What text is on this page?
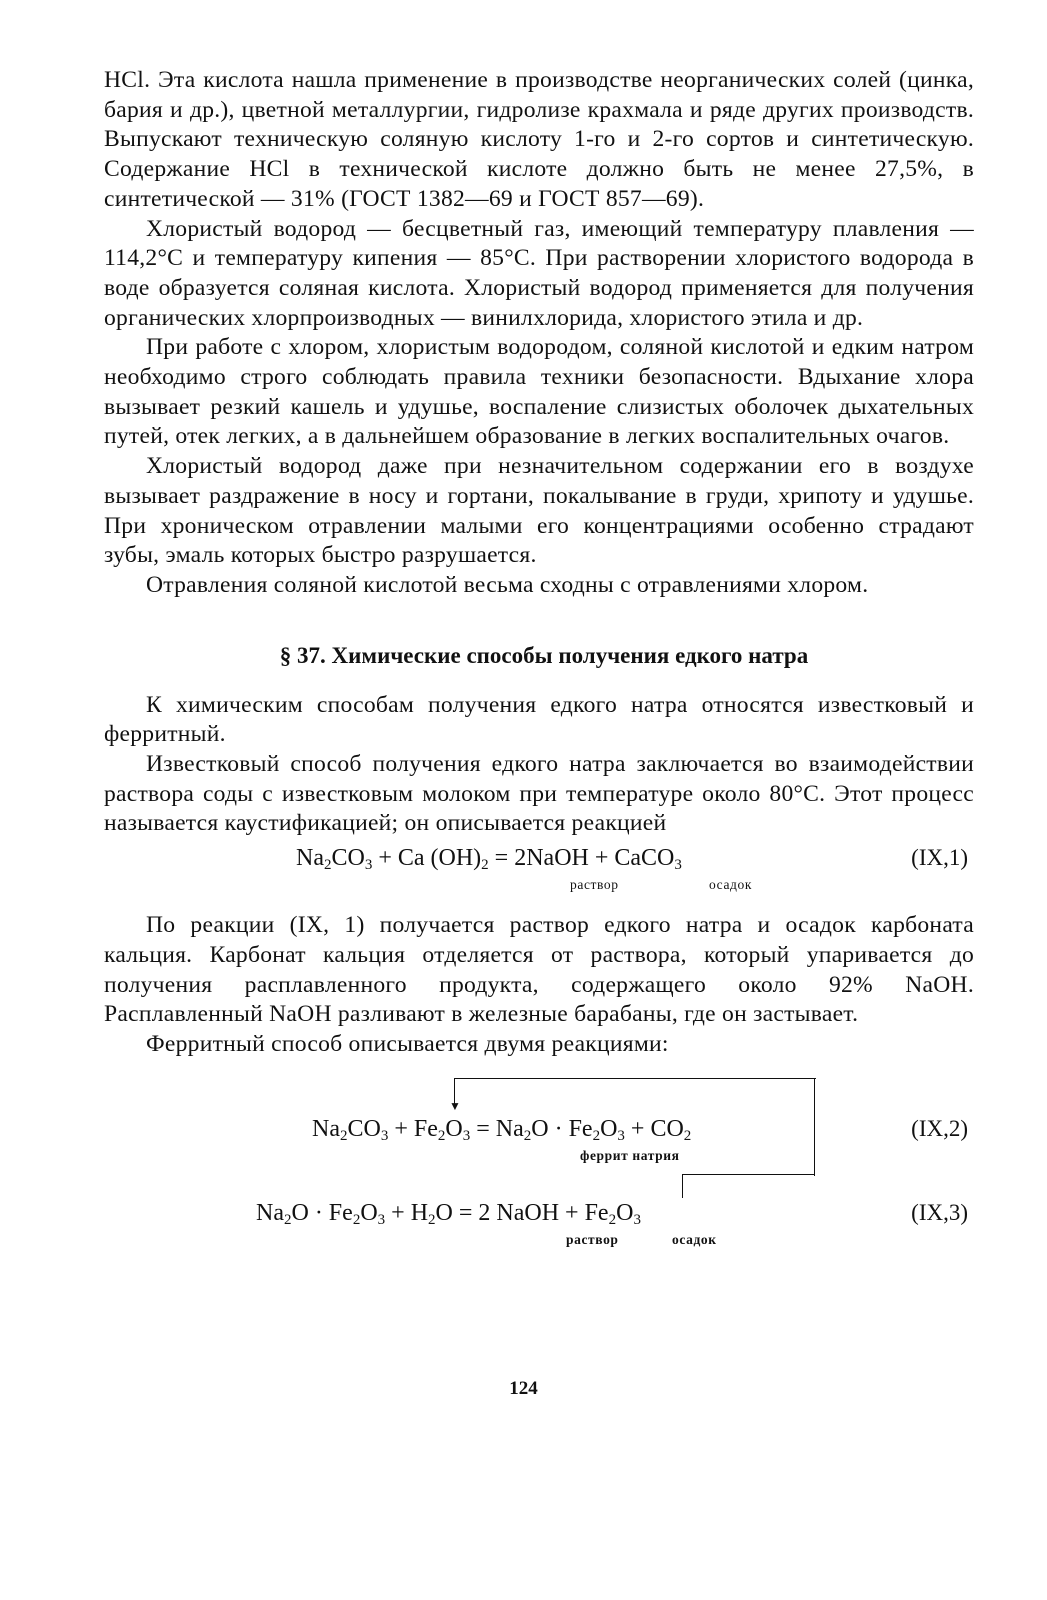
HCl. Эта кислота нашла применение в производстве неорганических солей (цинка, бария и др.), цветной металлургии, гидролизе крахмала и ряде других производств. Выпускают техническую соляную кислоту 1-го и 2-го сортов и синтетическую. Содержание HCl в технической кислоте должно быть не менее 27,5%, в синтетической — 31% (ГОСТ 1382—69 и ГОСТ 857—69).

Хлористый водород — бесцветный газ, имеющий температуру плавления — 114,2°С и температуру кипения — 85°С. При растворении хлористого водорода в воде образуется соляная кислота. Хлористый водород применяется для получения органических хлорпроизводных — винилхлорида, хлористого этила и др.

При работе с хлором, хлористым водородом, соляной кислотой и едким натром необходимо строго соблюдать правила техники безопасности. Вдыхание хлора вызывает резкий кашель и удушье, воспаление слизистых оболочек дыхательных путей, отек легких, а в дальнейшем образование в легких воспалительных очагов.

Хлористый водород даже при незначительном содержании его в воздухе вызывает раздражение в носу и гортани, покалывание в груди, хрипоту и удушье. При хроническом отравлении малыми его концентрациями особенно страдают зубы, эмаль которых быстро разрушается.

Отравления соляной кислотой весьма сходны с отравлениями хлором.

§ 37. Химические способы получения едкого натра

К химическим способам получения едкого натра относятся известковый и ферритный.

Известковый способ получения едкого натра заключается во взаимодействии раствора соды с известковым молоком при температуре около 80°С. Этот процесс называется каустификацией; он описывается реакцией

$Na_2CO_3 + Ca$ $(OH)_2$ = 2NaOH + CaCO$_3$	(IX,1)
раствор	осадок

По реакции (IX, 1) получается раствор едкого натра и осадок карбоната кальция. Карбонат кальция отделяется от раствора, который упаривается до получения расплавленного продукта, содержащего около 92% NaOH. Расплавленный NaOH разливают в железные барабаны, где он застывает.

Ферритный способ описывается двумя реакциями:

▼
$Na_2CO_3 + Fe_2O_3 = Na_2O \cdot Fe_2O_3 + CO_2$	(IX,2)
феррит натрия
$Na_2O \cdot Fe_2O_3 + H_2O = 2$ NaOH + $Fe_2O_3$	(IX,3)
раствор	осадок
124
